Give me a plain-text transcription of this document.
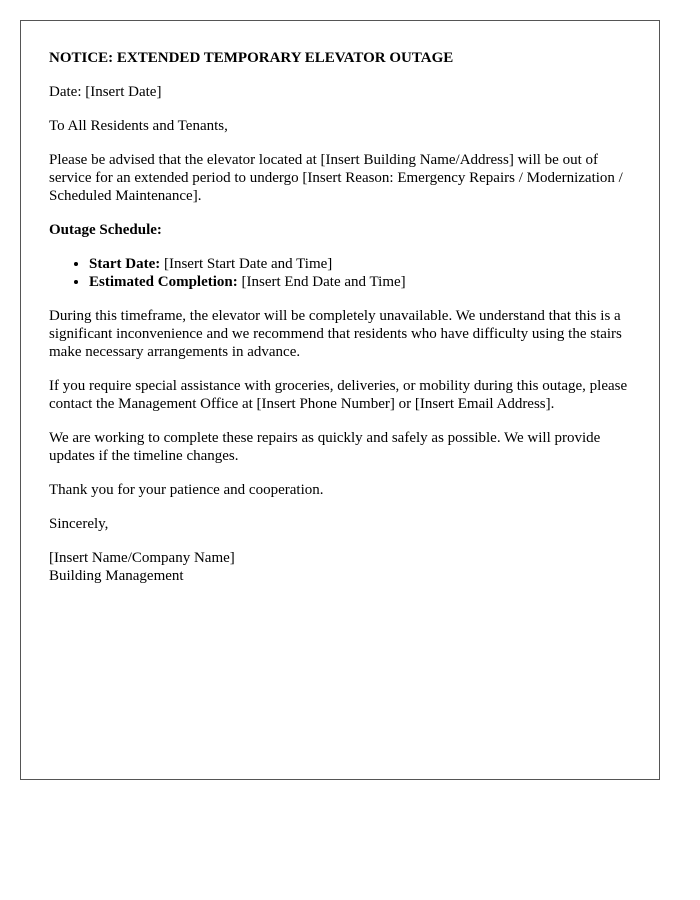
NOTICE: EXTENDED TEMPORARY ELEVATOR OUTAGE

Date: [Insert Date]

To All Residents and Tenants,

Please be advised that the elevator located at [Insert Building Name/Address] will be out of service for an extended period to undergo [Insert Reason: Emergency Repairs / Modernization / Scheduled Maintenance].

Outage Schedule:
• Start Date: [Insert Start Date and Time]
• Estimated Completion: [Insert End Date and Time]

During this timeframe, the elevator will be completely unavailable. We understand that this is a significant inconvenience and we recommend that residents who have difficulty using the stairs make necessary arrangements in advance.

If you require special assistance with groceries, deliveries, or mobility during this outage, please contact the Management Office at [Insert Phone Number] or [Insert Email Address].

We are working to complete these repairs as quickly and safely as possible. We will provide updates if the timeline changes.

Thank you for your patience and cooperation.

Sincerely,

[Insert Name/Company Name]
Building Management
